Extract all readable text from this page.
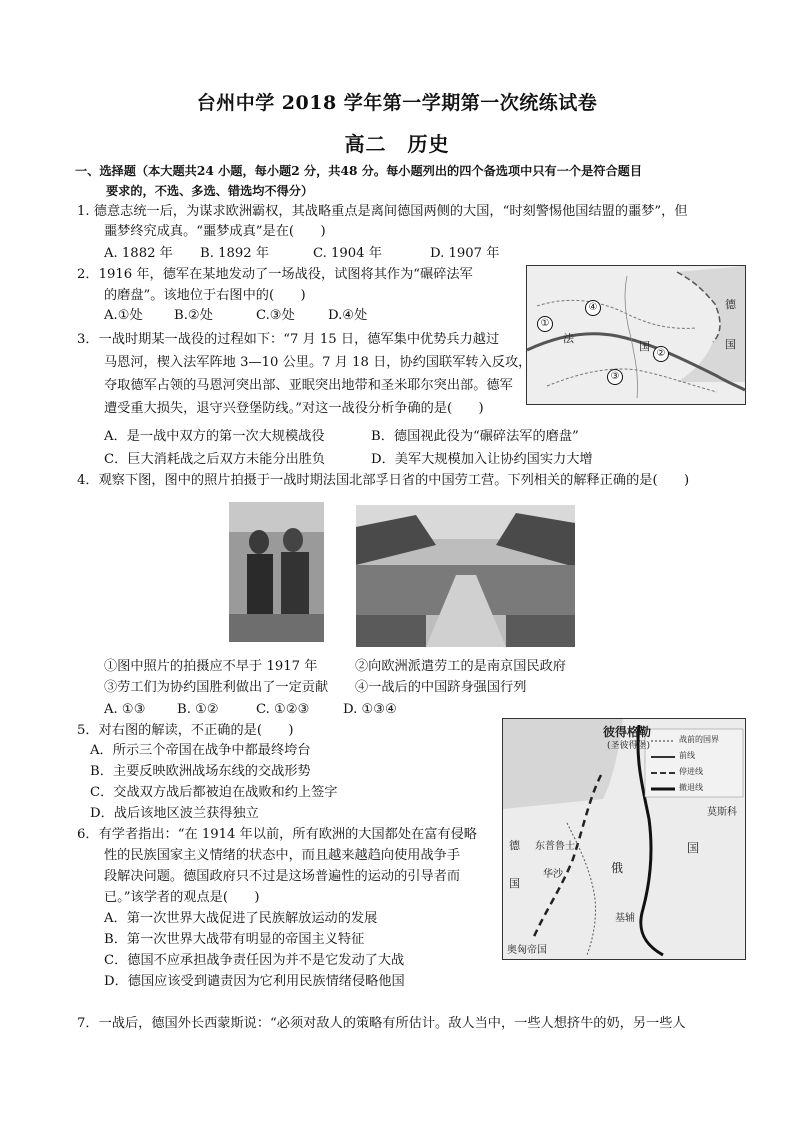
台州中学 2018 学年第一学期第一次统练试卷
高二　历史
一、选择题（本大题共24 小题，每小题2 分，共48 分。每小题列出的四个备选项中只有一个是符合题目
要求的，不选、多选、错选均不得分）
1. 德意志统一后，为谋求欧洲霸权，其战略重点是离间德国两侧的大国，“时刻警惕他国结盟的噩梦”，但
噩梦终究成真。“噩梦成真”是在(　　)
A. 1882 年 B. 1892 年	C. 1904 年	D. 1907 年
2．1916 年，德军在某地发动了一场战役，试图将其作为“碾碎法军
的磨盘”。该地位于右图中的(　　)
A.①处 B.②处	C.③处	D.④处
①
②
③
④
法
国
德
国
3．一战时期某一战役的过程如下：“7 月 15 日，德军集中优势兵力越过
马恩河，楔入法军阵地 3—10 公里。7 月 18 日，协约国联军转入反攻，
夺取德军占领的马恩河突出部、亚眠突出地带和圣米耶尔突出部。德军
遭受重大损失，退守兴登堡防线。”对这一战役分析争确的是(　　)
A．是一战中双方的第一次大规模战役	B．德国视此役为“碾碎法军的磨盘”
C．巨大消耗战之后双方未能分出胜负	D．美军大规模加入让协约国实力大增
4．观察下图，图中的照片拍摄于一战时期法国北部孚日省的中国劳工营。下列相关的解释正确的是(　　)
①图中照片的拍摄应不早于 1917 年	②向欧洲派遣劳工的是南京国民政府
③劳工们为协约国胜利做出了一定贡献 ④一战后的中国跻身强国行列
A. ①③ B. ①②	C. ①②③	D. ①③④
5．对右图的解读，不正确的是(　　)
A．所示三个帝国在战争中都最终垮台
B．主要反映欧洲战场东线的交战形势
C．交战双方战后都被迫在战败和约上签字
D．战后该地区波兰获得独立
彼得格勒
(圣彼得堡)
战前的国界
前线
停进线
撤退线
东普鲁士
华沙
德
国
俄
国
奥匈帝国
基辅
莫斯科
6．有学者指出：“在 1914 年以前，所有欧洲的大国都处在富有侵略
性的民族国家主义情绪的状态中，而且越来越趋向使用战争手
段解决问题。德国政府只不过是这场普遍性的运动的引导者而
已。”该学者的观点是(　　)
A．第一次世界大战促进了民族解放运动的发展
B．第一次世界大战带有明显的帝国主义特征
C．德国不应承担战争责任因为并不是它发动了大战
D．德国应该受到谴责因为它利用民族情绪侵略他国
7．一战后，德国外长西蒙斯说：“必须对敌人的策略有所估计。敌人当中，一些人想挤牛的奶，另一些人
